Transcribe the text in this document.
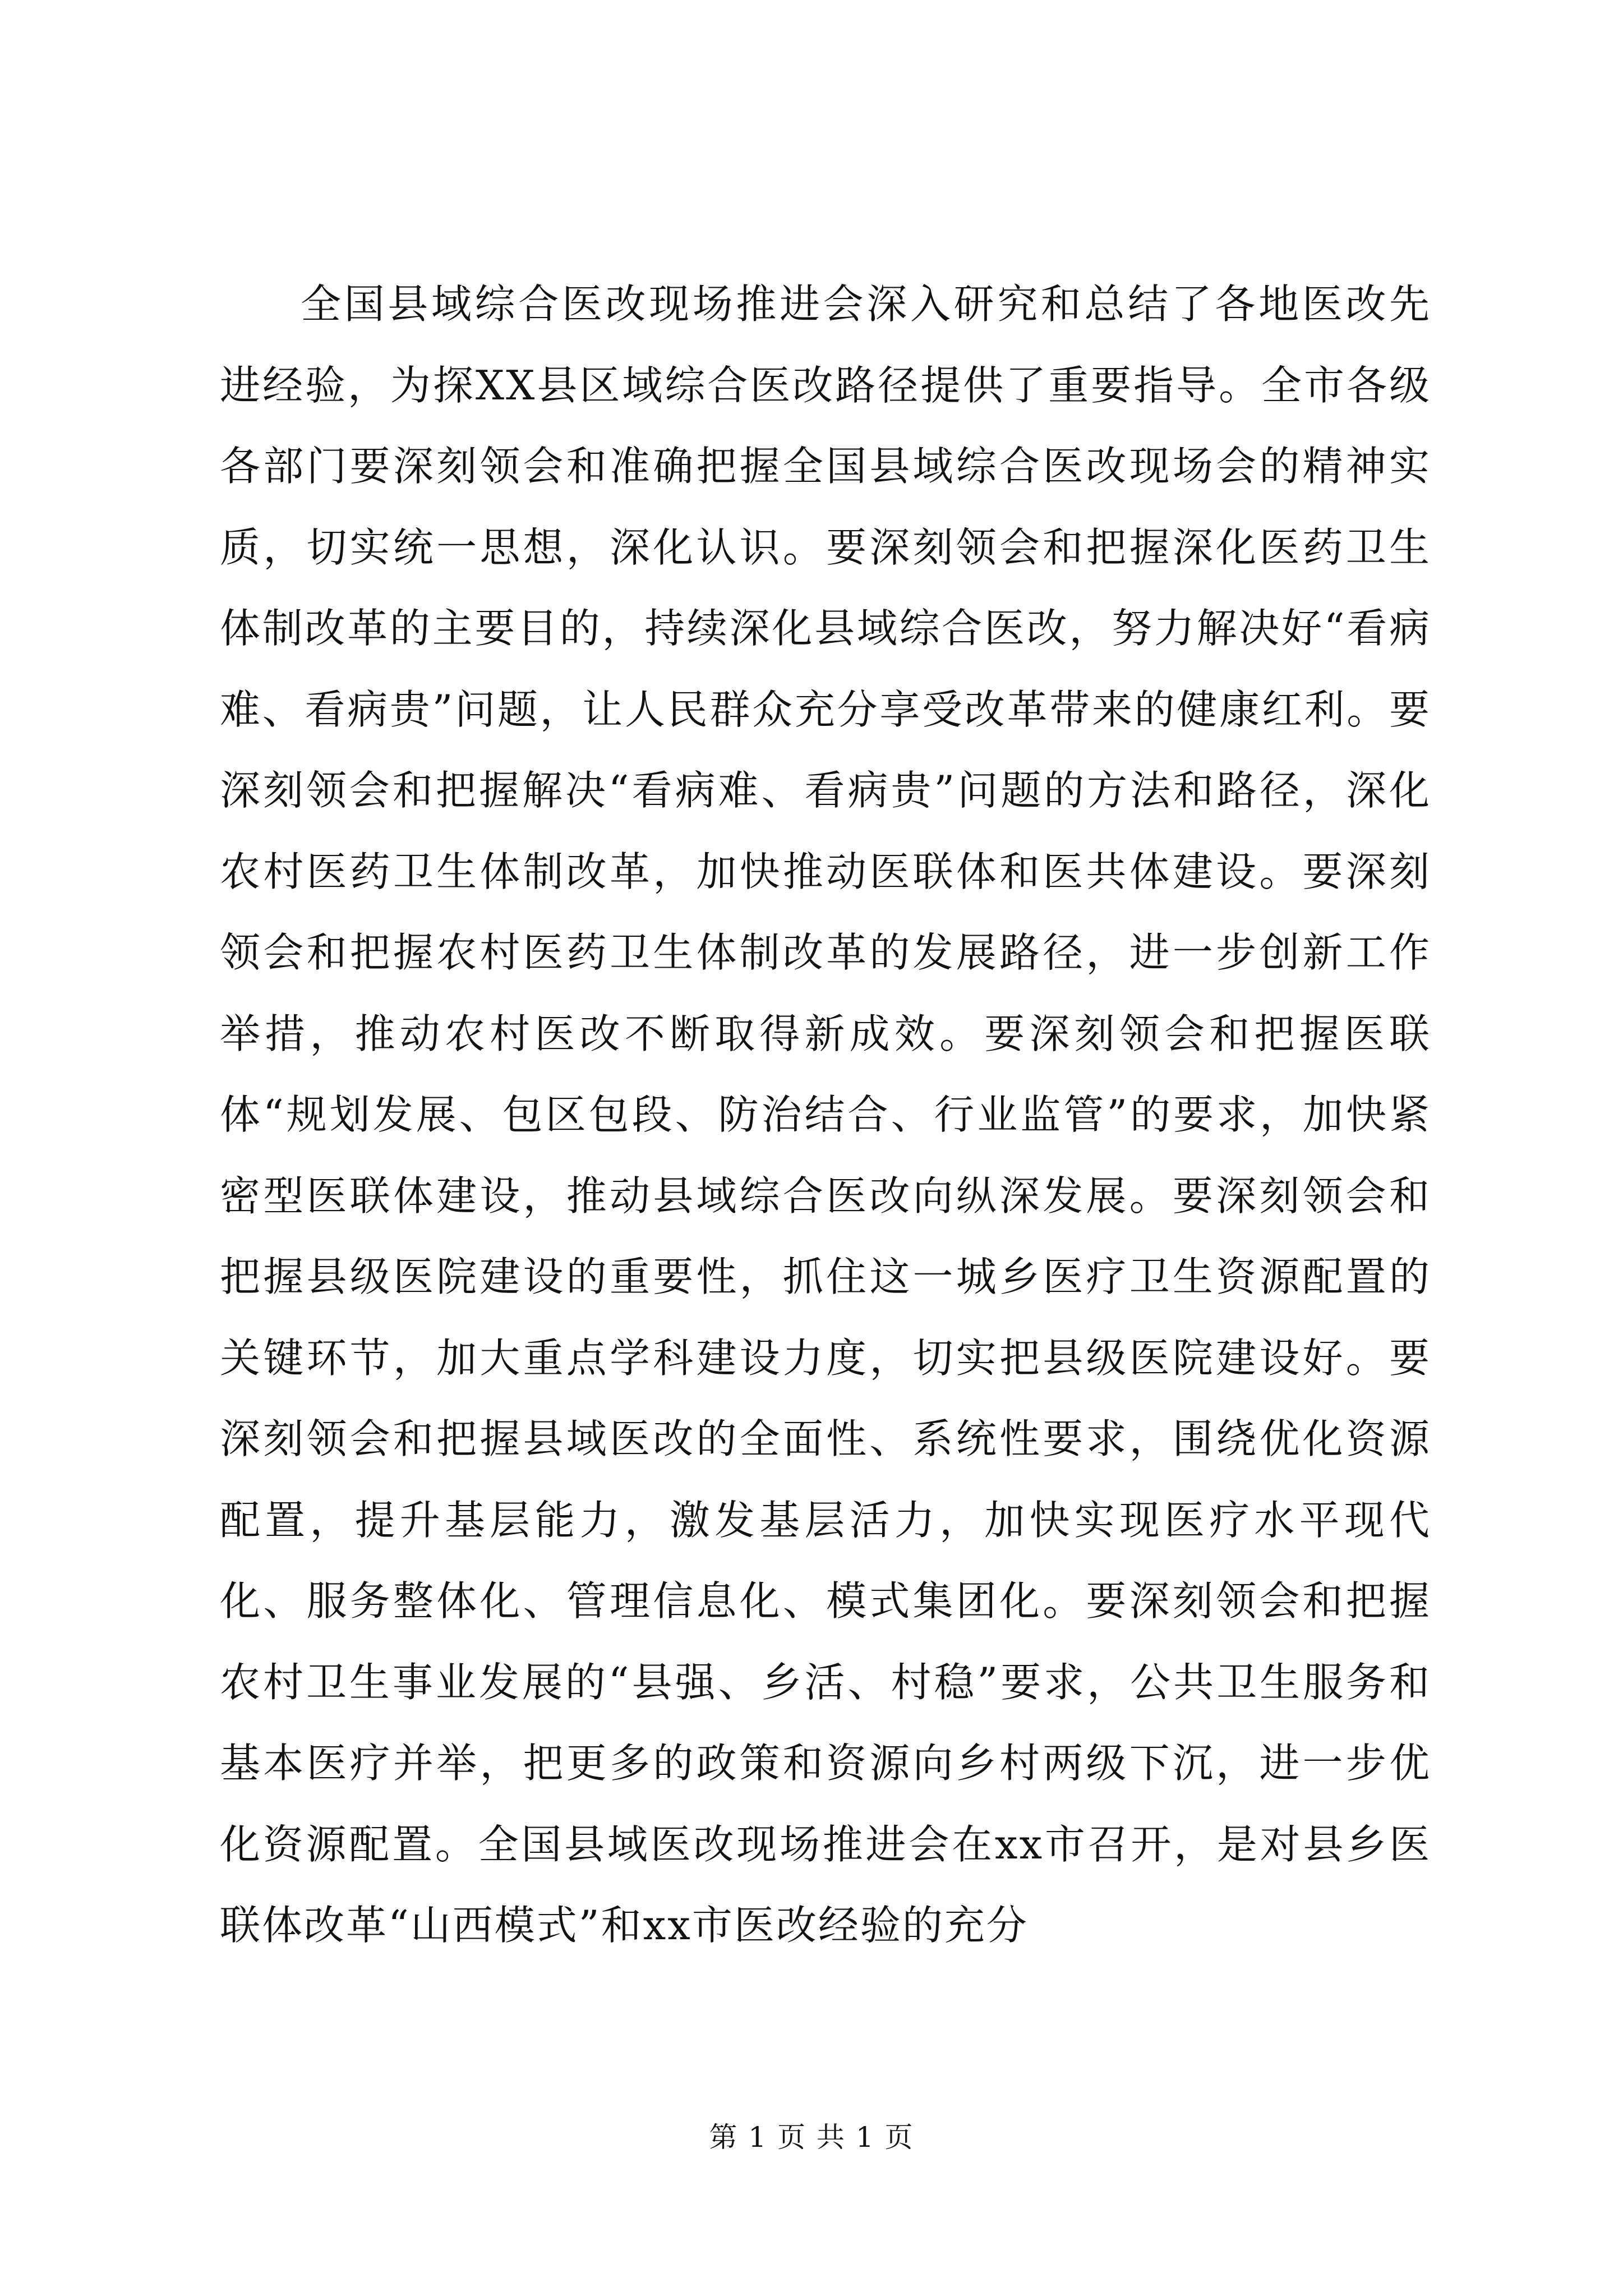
全国县域综合医改现场推进会深入研究和总结了各地医改先进经验，为探XX县区域综合医改路径提供了重要指导。全市各级各部门要深刻领会和准确把握全国县域综合医改现场会的精神实质，切实统一思想，深化认识。要深刻领会和把握深化医药卫生体制改革的主要目的，持续深化县域综合医改，努力解决好“看病难、看病贵”问题，让人民群众充分享受改革带来的健康红利。要深刻领会和把握解决“看病难、看病贵”问题的方法和路径，深化农村医药卫生体制改革，加快推动医联体和医共体建设。要深刻领会和把握农村医药卫生体制改革的发展路径，进一步创新工作举措，推动农村医改不断取得新成效。要深刻领会和把握医联体“规划发展、包区包段、防治结合、行业监管”的要求，加快紧密型医联体建设，推动县域综合医改向纵深发展。要深刻领会和把握县级医院建设的重要性，抓住这一城乡医疗卫生资源配置的关键环节，加大重点学科建设力度，切实把县级医院建设好。要深刻领会和把握县域医改的全面性、系统性要求，围绕优化资源配置，提升基层能力，激发基层活力，加快实现医疗水平现代化、服务整体化、管理信息化、模式集团化。要深刻领会和把握农村卫生事业发展的“县强、乡活、村稳”要求，公共卫生服务和基本医疗并举，把更多的政策和资源向乡村两级下沉，进一步优化资源配置。全国县域医改现场推进会在xx市召开，是对县乡医联体改革“山西模式”和xx市医改经验的充分

第 1 页 共 1 页
